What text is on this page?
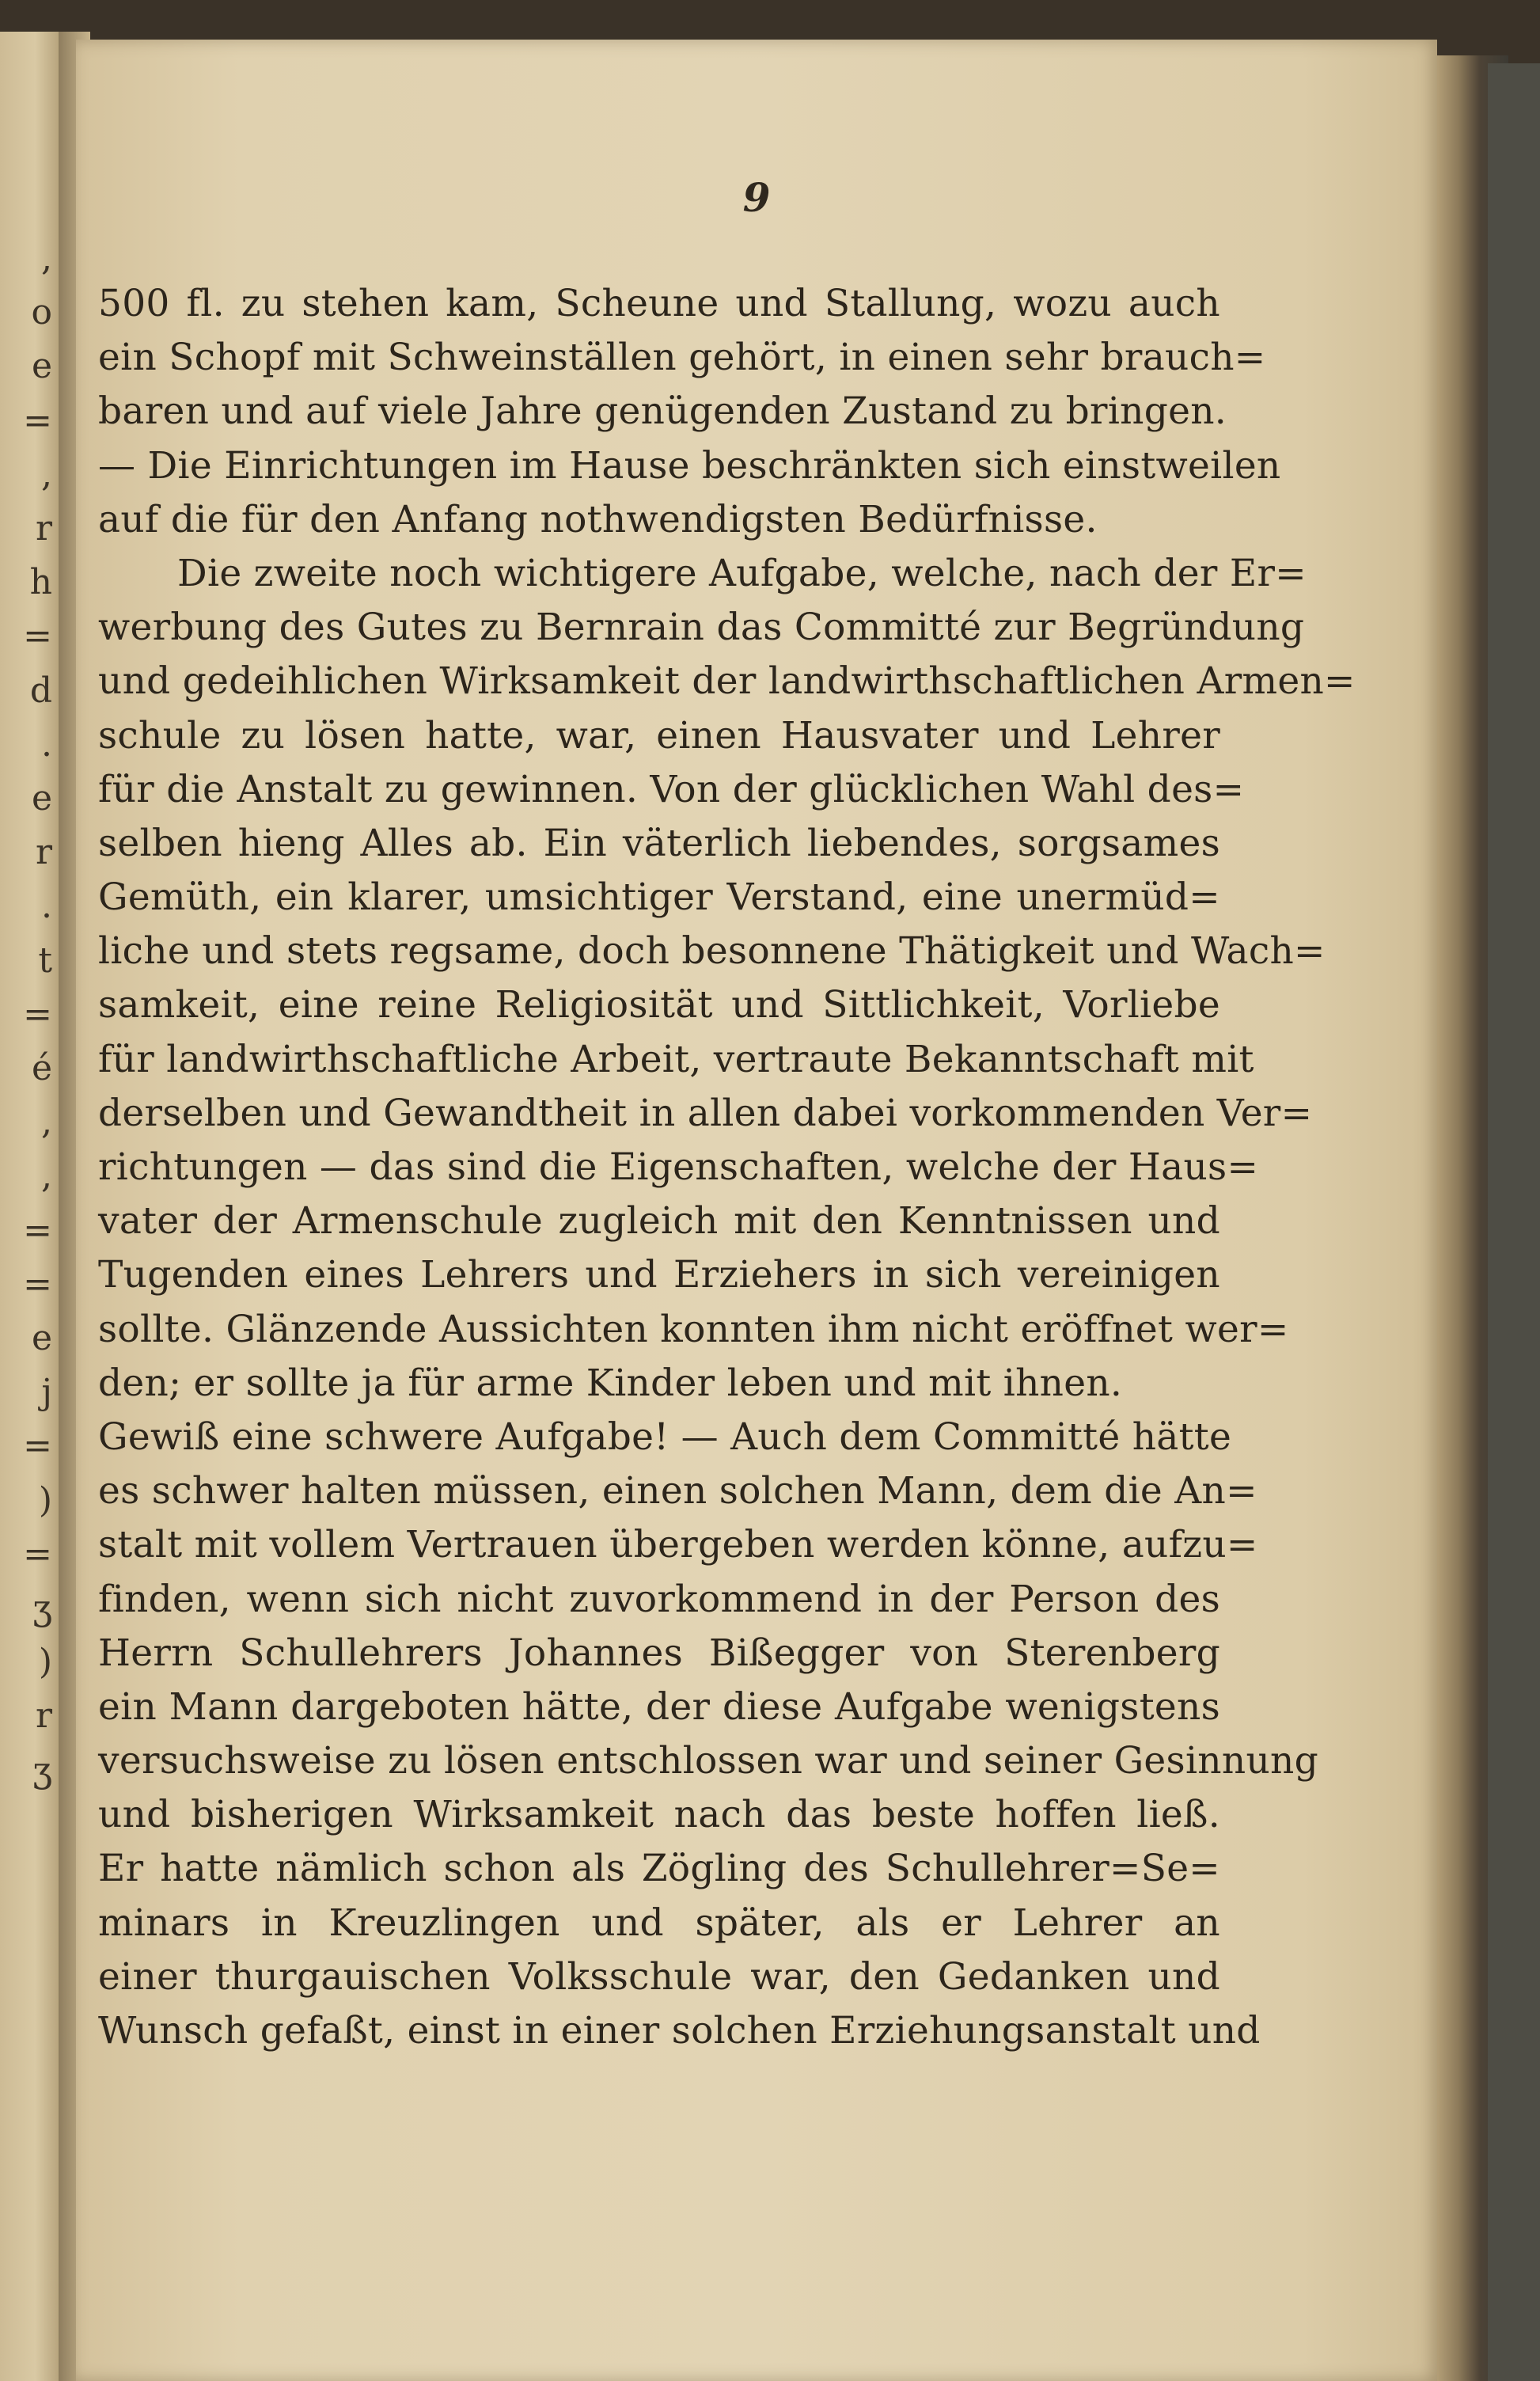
,
o
e
=
,
r
h
=
d
.
e
r
.
t
=
é
,
,
=
=
e
j
=
)
=
ʒ
)
r
ʒ
9
500 fl. zu stehen kam, Scheune und Stallung, wozu auch
ein Schopf mit Schweinställen gehört, in einen sehr brauch=
baren und auf viele Jahre genügenden Zustand zu bringen.
— Die Einrichtungen im Hause beschränkten sich einstweilen
auf die für den Anfang nothwendigsten Bedürfnisse.
Die zweite noch wichtigere Aufgabe, welche, nach der Er=
werbung des Gutes zu Bernrain das Committé zur Begründung
und gedeihlichen Wirksamkeit der landwirthschaftlichen Armen=
schule zu lösen hatte, war, einen Hausvater und Lehrer
für die Anstalt zu gewinnen. Von der glücklichen Wahl des=
selben hieng Alles ab. Ein väterlich liebendes, sorgsames
Gemüth, ein klarer, umsichtiger Verstand, eine unermüd=
liche und stets regsame, doch besonnene Thätigkeit und Wach=
samkeit, eine reine Religiosität und Sittlichkeit, Vorliebe
für landwirthschaftliche Arbeit, vertraute Bekanntschaft mit
derselben und Gewandtheit in allen dabei vorkommenden Ver=
richtungen — das sind die Eigenschaften, welche der Haus=
vater der Armenschule zugleich mit den Kenntnissen und
Tugenden eines Lehrers und Erziehers in sich vereinigen
sollte. Glänzende Aussichten konnten ihm nicht eröffnet wer=
den; er sollte ja für arme Kinder leben und mit ihnen.
Gewiß eine schwere Aufgabe! — Auch dem Committé hätte
es schwer halten müssen, einen solchen Mann, dem die An=
stalt mit vollem Vertrauen übergeben werden könne, aufzu=
finden, wenn sich nicht zuvorkommend in der Person des
Herrn Schullehrers Johannes Bißegger von Sterenberg
ein Mann dargeboten hätte, der diese Aufgabe wenigstens
versuchsweise zu lösen entschlossen war und seiner Gesinnung
und bisherigen Wirksamkeit nach das beste hoffen ließ.
Er hatte nämlich schon als Zögling des Schullehrer=Se=
minars in Kreuzlingen und später, als er Lehrer an
einer thurgauischen Volksschule war, den Gedanken und
Wunsch gefaßt, einst in einer solchen Erziehungsanstalt und
